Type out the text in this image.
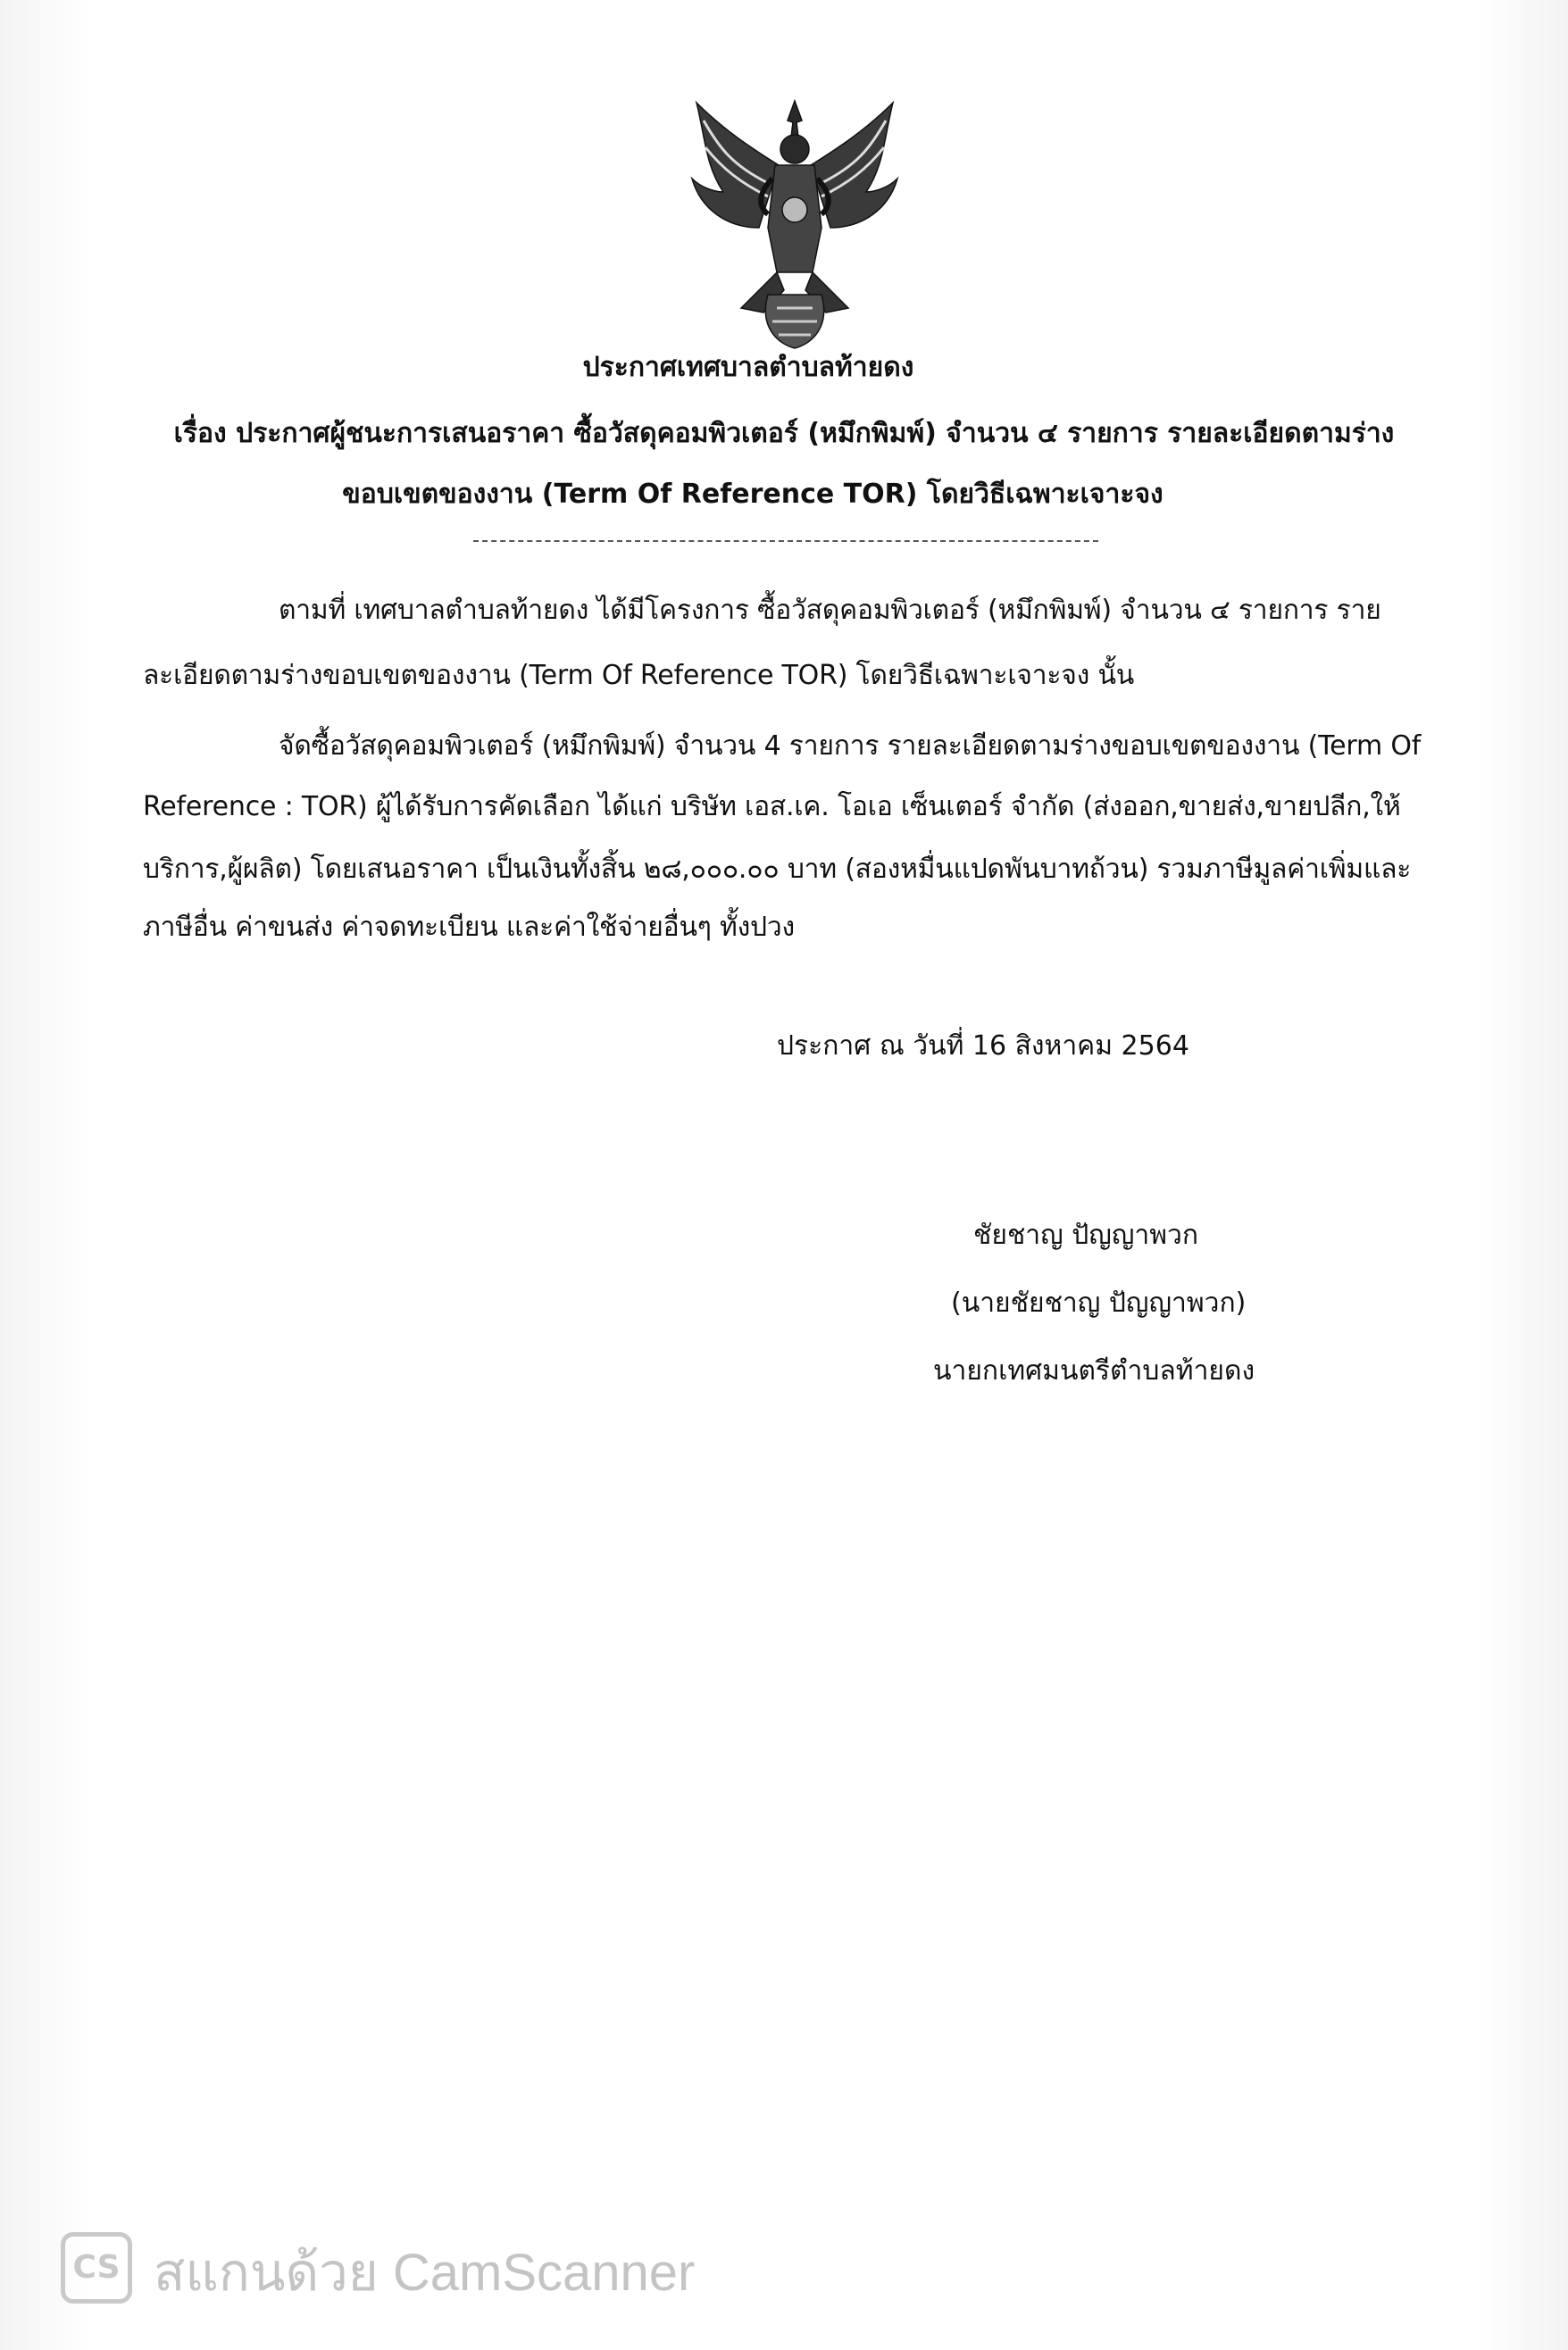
ประกาศเทศบาลตำบลท้ายดง
เรื่อง ประกาศผู้ชนะการเสนอราคา ซื้อวัสดุคอมพิวเตอร์ (หมึกพิมพ์) จำนวน ๔ รายการ รายละเอียดตามร่าง
ขอบเขตของงาน (Term Of Reference TOR) โดยวิธีเฉพาะเจาะจง
ตามที่ เทศบาลตำบลท้ายดง ได้มีโครงการ ซื้อวัสดุคอมพิวเตอร์ (หมึกพิมพ์) จำนวน ๔ รายการ ราย
ละเอียดตามร่างขอบเขตของงาน (Term Of Reference TOR) โดยวิธีเฉพาะเจาะจง นั้น
จัดซื้อวัสดุคอมพิวเตอร์ (หมึกพิมพ์) จำนวน 4 รายการ รายละเอียดตามร่างขอบเขตของงาน (Term Of
Reference : TOR) ผู้ได้รับการคัดเลือก ได้แก่ บริษัท เอส.เค. โอเอ เซ็นเตอร์ จำกัด (ส่งออก,ขายส่ง,ขายปลีก,ให้
บริการ,ผู้ผลิต) โดยเสนอราคา เป็นเงินทั้งสิ้น ๒๘,๐๐๐.๐๐ บาท (สองหมื่นแปดพันบาทถ้วน) รวมภาษีมูลค่าเพิ่มและ
ภาษีอื่น ค่าขนส่ง ค่าจดทะเบียน และค่าใช้จ่ายอื่นๆ ทั้งปวง
ประกาศ ณ วันที่ 16 สิงหาคม 2564
ชัยชาญ ปัญญาพวก
(นายชัยชาญ ปัญญาพวก)
นายกเทศมนตรีตำบลท้ายดง
CS สแกนด้วย CamScanner
